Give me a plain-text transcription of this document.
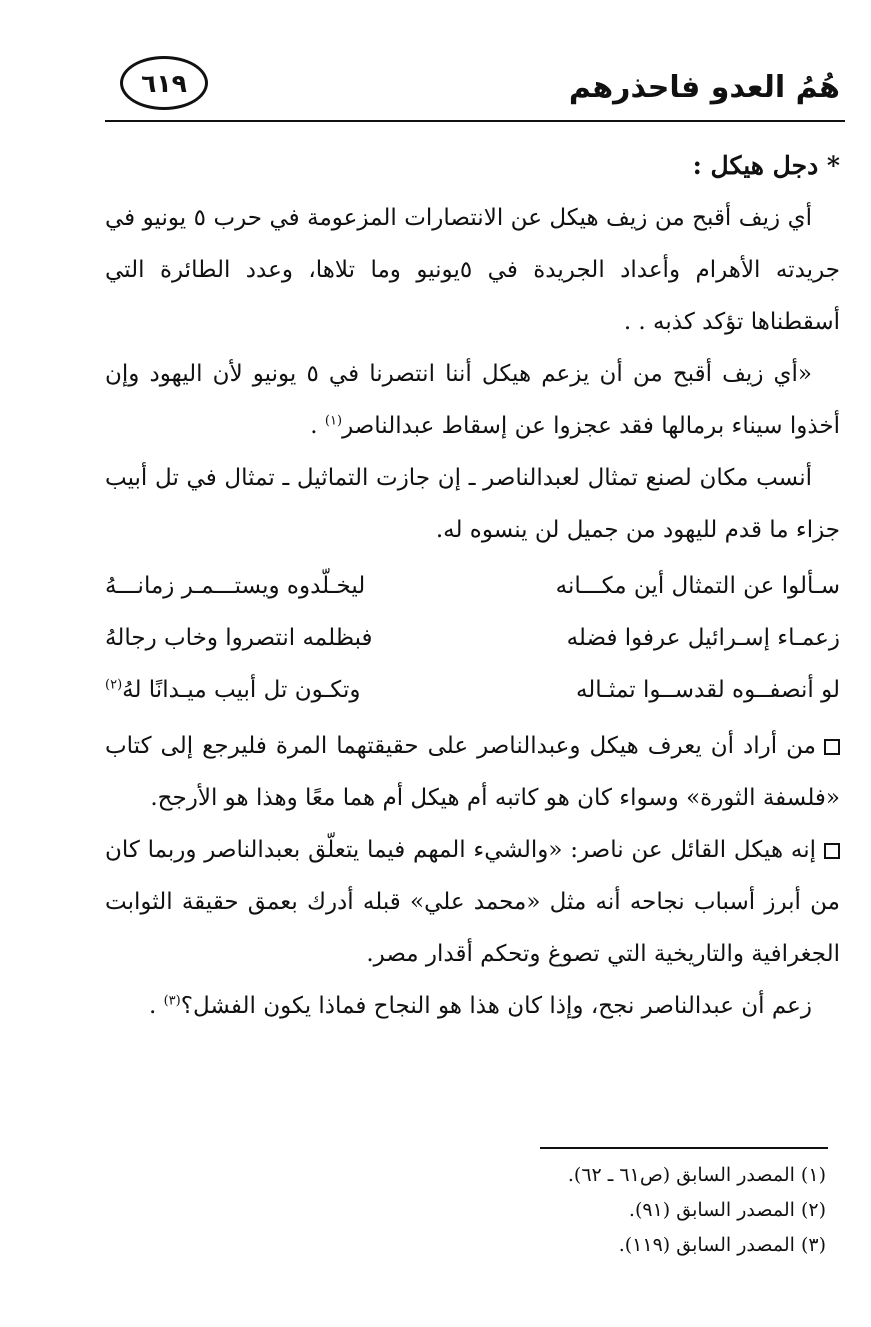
هُمُ العدو فاحذرهم
٦١٩

* دجل هيكل :

أي زيف أقبح من زيف هيكل عن الانتصارات المزعومة في حرب ٥ يونيو في جريدته الأهرام وأعداد الجريدة في ٥يونيو وما تلاها، وعدد الطائرة التي أسقطناها تؤكد كذبه . .

«أي زيف أقبح من أن يزعم هيكل أننا انتصرنا في ٥ يونيو لأن اليهود وإن أخذوا سيناء برمالها فقد عجزوا عن إسقاط عبدالناصر$^{(١)}$ .

أنسب مكان لصنع تمثال لعبدالناصر ـ إن جازت التماثيل ـ تمثال في تل أبيب جزاء ما قدم لليهود من جميل لن ينسوه له.

سـألوا عن التمثال أين مكـــانه
ليخـلّدوه ويستـــمـر زمانـــهُ
زعمـاء إسـرائيل عرفوا فضله
فبظلمه انتصروا وخاب رجالهُ
لو أنصفــوه لقدســوا تمثـاله
وتكـون تل أبيب ميـدانًا لهُ$^{(٢)}$

من أراد أن يعرف هيكل وعبدالناصر على حقيقتهما المرة فليرجع إلى كتاب «فلسفة الثورة» وسواء كان هو كاتبه أم هيكل أم هما معًا وهذا هو الأرجح.

إنه هيكل القائل عن ناصر: «والشيء المهم فيما يتعلّق بعبدالناصر وربما كان من أبرز أسباب نجاحه أنه مثل «محمد علي» قبله أدرك بعمق حقيقة الثوابت الجغرافية والتاريخية التي تصوغ وتحكم أقدار مصر.

زعم أن عبدالناصر نجح، وإذا كان هذا هو النجاح فماذا يكون الفشل؟$^{(٣)}$ .

(١) المصدر السابق (ص٦١ ـ ٦٢).
(٢) المصدر السابق (٩١).
(٣) المصدر السابق (١١٩).
